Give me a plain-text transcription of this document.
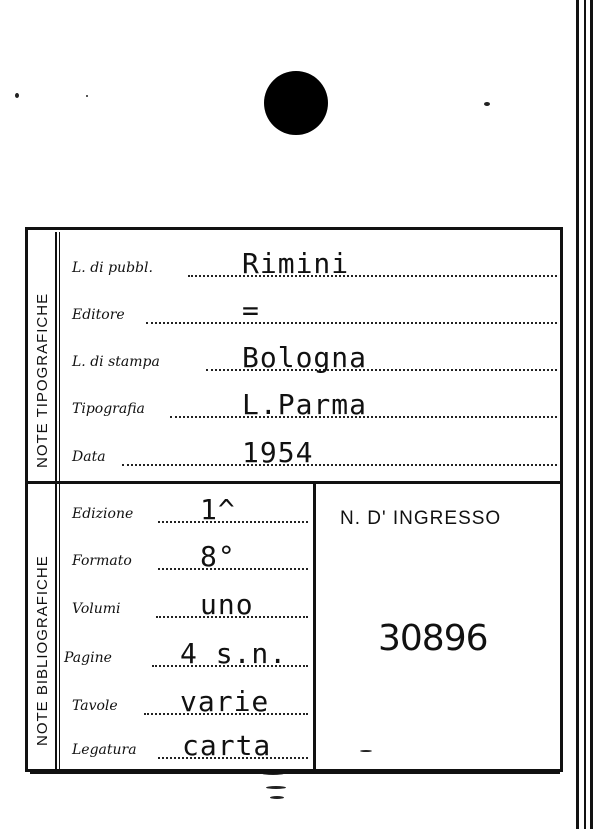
NOTE TIPOGRAFICHE
NOTE BIBLIOGRAFICHE
L. di pubbl.	Rimini
Editore	=
L. di stampa	Bologna
Tipografia	L.Parma
Data	1954
Edizione 1^
Formato 8°
Volumi	uno
Pagine 4 s.n.
Tavole varie
Legatura carta
N. D' INGRESSO
30896
